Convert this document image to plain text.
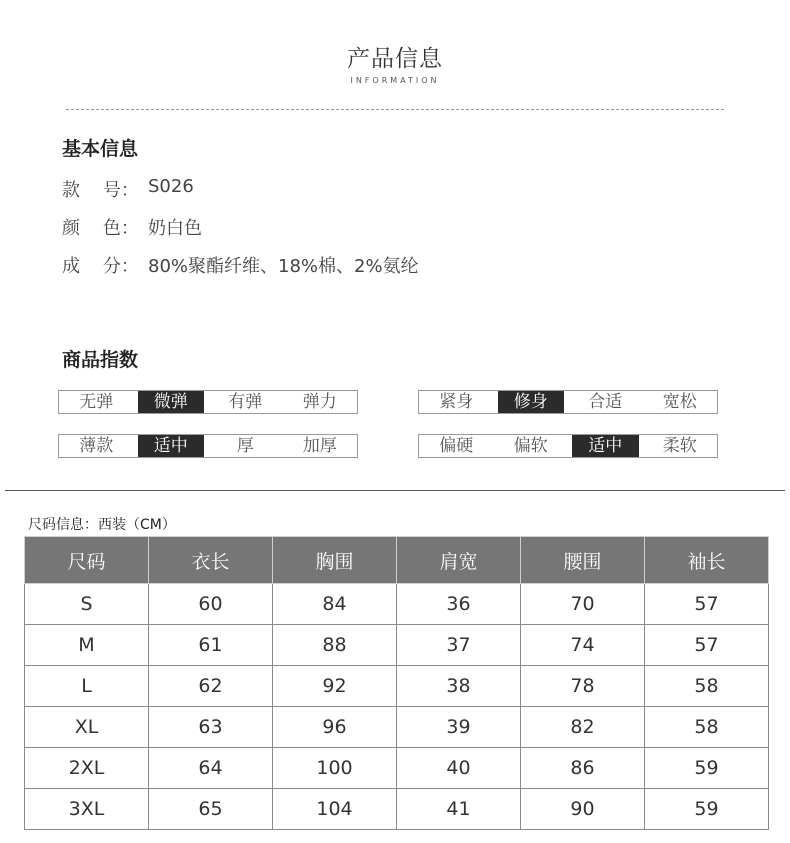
产品信息
INFORMATION
基本信息
款    号： S026
颜    色： 奶白色
成    分： 80%聚酯纤维、18%棉、2%氨纶
商品指数
无弹	微弹	有弹	弹力	紧身	修身	合适	宽松
薄款	适中	厚	加厚	偏硬	偏软	适中	柔软
尺码信息：西装（CM）
尺码	衣长	胸围	肩宽	腰围	袖长
S	60	84	36	70	57
M	61	88	37	74	57
L	62	92	38	78	58
XL	63	96	39	82	58
2XL	64	100	40	86	59
3XL	65	104	41	90	59
